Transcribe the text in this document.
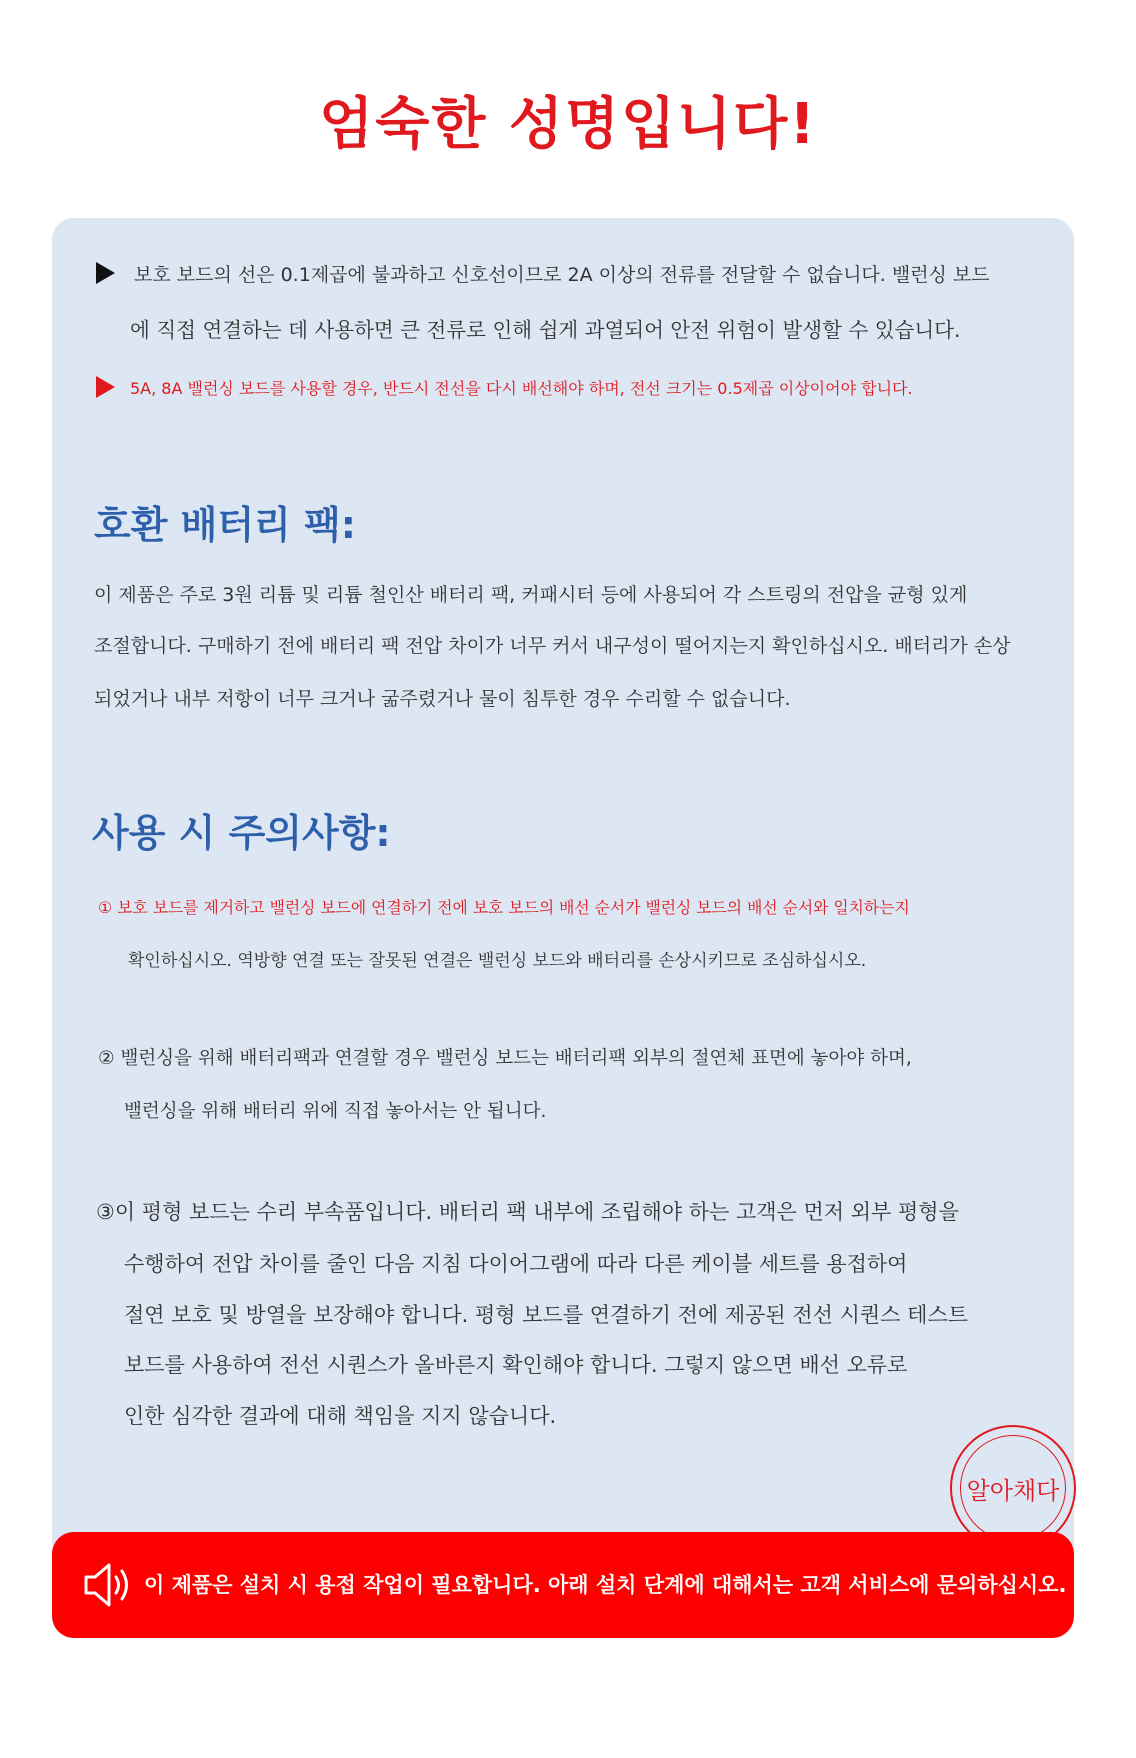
엄숙한 성명입니다!

보호 보드의 선은 0.1제곱에 불과하고 신호선이므로 2A 이상의 전류를 전달할 수 없습니다. 밸런싱 보드

에 직접 연결하는 데 사용하면 큰 전류로 인해 쉽게 과열되어 안전 위험이 발생할 수 있습니다.

5A, 8A 밸런싱 보드를 사용할 경우, 반드시 전선을 다시 배선해야 하며, 전선 크기는 0.5제곱 이상이어야 합니다.

호환 배터리 팩:

이 제품은 주로 3원 리튬 및 리튬 철인산 배터리 팩, 커패시터 등에 사용되어 각 스트링의 전압을 균형 있게

조절합니다. 구매하기 전에 배터리 팩 전압 차이가 너무 커서 내구성이 떨어지는지 확인하십시오. 배터리가 손상

되었거나 내부 저항이 너무 크거나 굶주렸거나 물이 침투한 경우 수리할 수 없습니다.

사용 시 주의사항:

① 보호 보드를 제거하고 밸런싱 보드에 연결하기 전에 보호 보드의 배선 순서가 밸런싱 보드의 배선 순서와 일치하는지

확인하십시오. 역방향 연결 또는 잘못된 연결은 밸런싱 보드와 배터리를 손상시키므로 조심하십시오.

② 밸런싱을 위해 배터리팩과 연결할 경우 밸런싱 보드는 배터리팩 외부의 절연체 표면에 놓아야 하며,

밸런싱을 위해 배터리 위에 직접 놓아서는 안 됩니다.

③이 평형 보드는 수리 부속품입니다. 배터리 팩 내부에 조립해야 하는 고객은 먼저 외부 평형을

수행하여 전압 차이를 줄인 다음 지침 다이어그램에 따라 다른 케이블 세트를 용접하여

절연 보호 및 방열을 보장해야 합니다. 평형 보드를 연결하기 전에 제공된 전선 시퀀스 테스트

보드를 사용하여 전선 시퀀스가 올바른지 확인해야 합니다. 그렇지 않으면 배선 오류로

인한 심각한 결과에 대해 책임을 지지 않습니다.

알아채다

이 제품은 설치 시 용접 작업이 필요합니다. 아래 설치 단계에 대해서는 고객 서비스에 문의하십시오.
